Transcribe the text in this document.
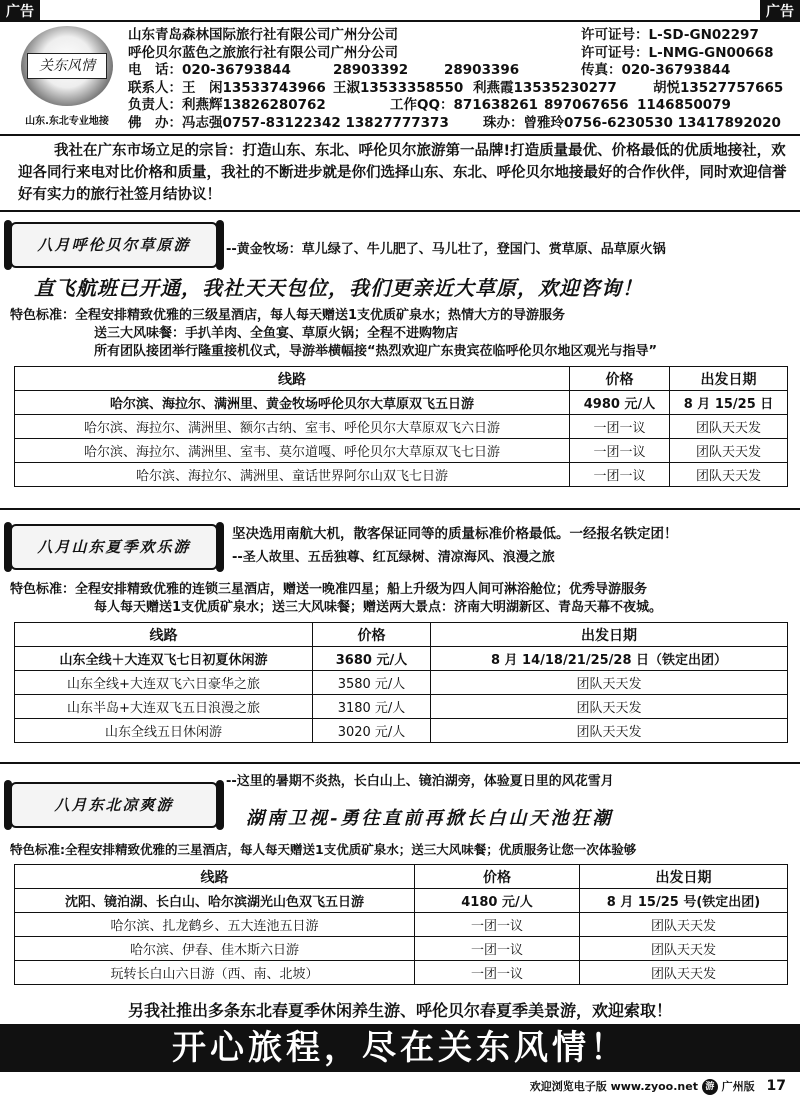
广告	广告
关东风情
山东.东北专业地接
山东青岛森林国际旅行社有限公司广州分公司	许可证号：L-SD-GN02297
呼伦贝尔蓝色之旅旅行社有限公司广州分公司	许可证号：L-NMG-GN00668
电　话：020-36793844	28903392	28903396	传真：020-36793844
联系人：王　闲13533743966 王淑13533358550 利燕霞13535230277	胡悦13527757665
负责人：利燕辉13826280762	工作QQ：871638261 897067656 1146850079
佛　办：冯志强0757-83122342 13827777373	珠办：曾雅玲0756-6230530 13417892020
我社在广东市场立足的宗旨：打造山东、东北、呼伦贝尔旅游第一品牌!打造质量最优、价格最低的优质地接社，欢迎各同行来电对比价格和质量，我社的不断进步就是你们选择山东、东北、呼伦贝尔地接最好的合作伙伴，同时欢迎信誉好有实力的旅行社签月结协议！
八月呼伦贝尔草原游	--黄金牧场：草儿绿了、牛儿肥了、马儿壮了，登国门、赏草原、品草原火锅
直飞航班已开通，我社天天包位，我们更亲近大草原，欢迎咨询！
特色标准：全程安排精致优雅的三级星酒店，每人每天赠送1支优质矿泉水；热情大方的导游服务
送三大风味餐：手扒羊肉、全鱼宴、草原火锅；全程不进购物店
所有团队接团举行隆重接机仪式，导游举横幅接“热烈欢迎广东贵宾莅临呼伦贝尔地区观光与指导”
线路	价格	出发日期
哈尔滨、海拉尔、满洲里、黄金牧场呼伦贝尔大草原双飞五日游	4980 元/人	8 月 15/25 日
哈尔滨、海拉尔、满洲里、额尔古纳、室韦、呼伦贝尔大草原双飞六日游	一团一议	团队天天发
哈尔滨、海拉尔、满洲里、室韦、莫尔道嘎、呼伦贝尔大草原双飞七日游	一团一议	团队天天发
哈尔滨、海拉尔、满洲里、童话世界阿尔山双飞七日游	一团一议	团队天天发
八月山东夏季欢乐游
坚决选用南航大机，散客保证同等的质量标准价格最低。一经报名铁定团！
--圣人故里、五岳独尊、红瓦绿树、清凉海风、浪漫之旅
特色标准：全程安排精致优雅的连锁三星酒店，赠送一晚准四星；船上升级为四人间可淋浴舱位；优秀导游服务
每人每天赠送1支优质矿泉水；送三大风味餐；赠送两大景点：济南大明湖新区、青岛天幕不夜城。
线路	价格	出发日期
山东全线＋大连双飞七日初夏休闲游	3680 元/人	8 月 14/18/21/25/28 日（铁定出团）
山东全线+大连双飞六日豪华之旅	3580 元/人	团队天天发
山东半岛+大连双飞五日浪漫之旅	3180 元/人	团队天天发
山东全线五日休闲游	3020 元/人	团队天天发
八月东北凉爽游
--这里的暑期不炎热，长白山上、镜泊湖旁，体验夏日里的风花雪月
湖南卫视-勇往直前再掀长白山天池狂潮
特色标准:全程安排精致优雅的三星酒店，每人每天赠送1支优质矿泉水；送三大风味餐；优质服务让您一次体验够
线路	价格	出发日期
沈阳、镜泊湖、长白山、哈尔滨湖光山色双飞五日游	4180 元/人	8 月 15/25 号(铁定出团)
哈尔滨、扎龙鹤乡、五大连池五日游	一团一议	团队天天发
哈尔滨、伊春、佳木斯六日游	一团一议	团队天天发
玩转长白山六日游（西、南、北坡）	一团一议	团队天天发
另我社推出多条东北春夏季休闲养生游、呼伦贝尔春夏季美景游，欢迎索取！
开心旅程，尽在关东风情！
欢迎浏览电子版 www.zyoo.net 游 广州版 17
